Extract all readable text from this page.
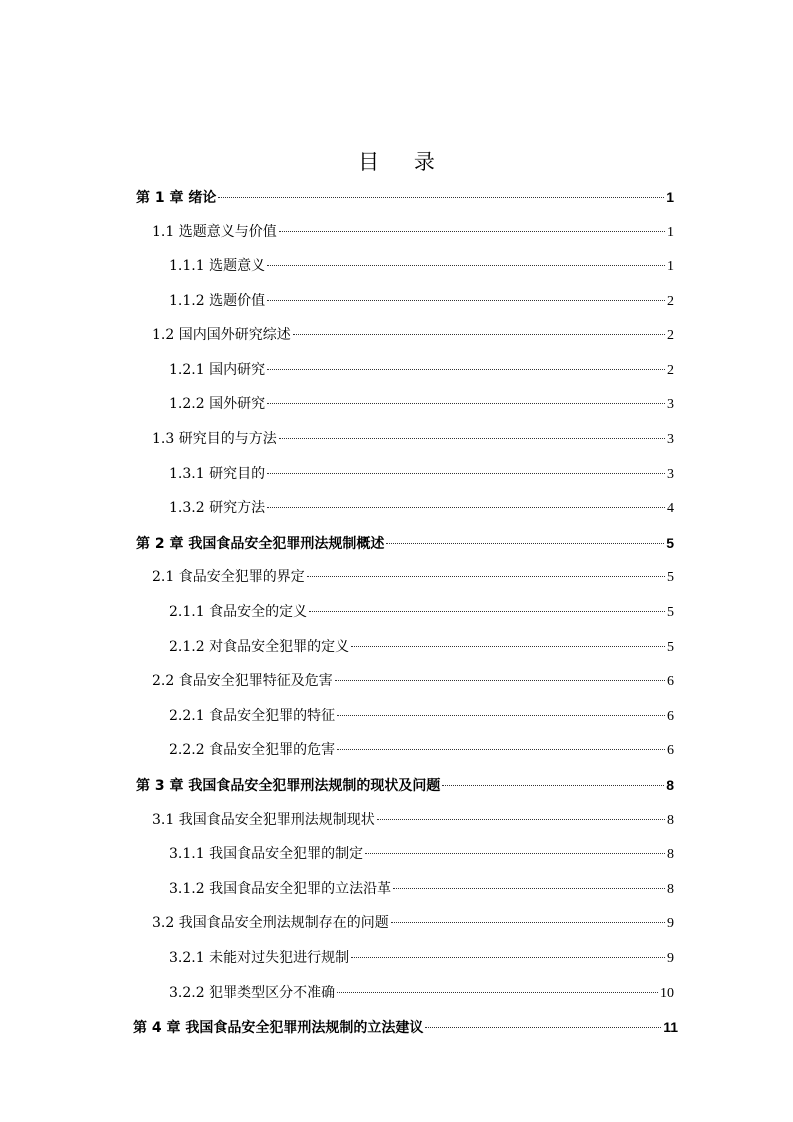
目 录
第 1 章 绪论	1
1.1 选题意义与价值	1
1.1.1 选题意义	1
1.1.2 选题价值	2
1.2 国内国外研究综述	2
1.2.1 国内研究	2
1.2.2 国外研究	3
1.3 研究目的与方法	3
1.3.1 研究目的	3
1.3.2 研究方法	4
第 2 章 我国食品安全犯罪刑法规制概述	5
2.1 食品安全犯罪的界定	5
2.1.1 食品安全的定义	5
2.1.2 对食品安全犯罪的定义	5
2.2 食品安全犯罪特征及危害	6
2.2.1 食品安全犯罪的特征	6
2.2.2 食品安全犯罪的危害	6
第 3 章 我国食品安全犯罪刑法规制的现状及问题	8
3.1 我国食品安全犯罪刑法规制现状	8
3.1.1 我国食品安全犯罪的制定	8
3.1.2 我国食品安全犯罪的立法沿革	8
3.2 我国食品安全刑法规制存在的问题	9
3.2.1 未能对过失犯进行规制	9
3.2.2 犯罪类型区分不准确	10
第 4 章 我国食品安全犯罪刑法规制的立法建议	11
